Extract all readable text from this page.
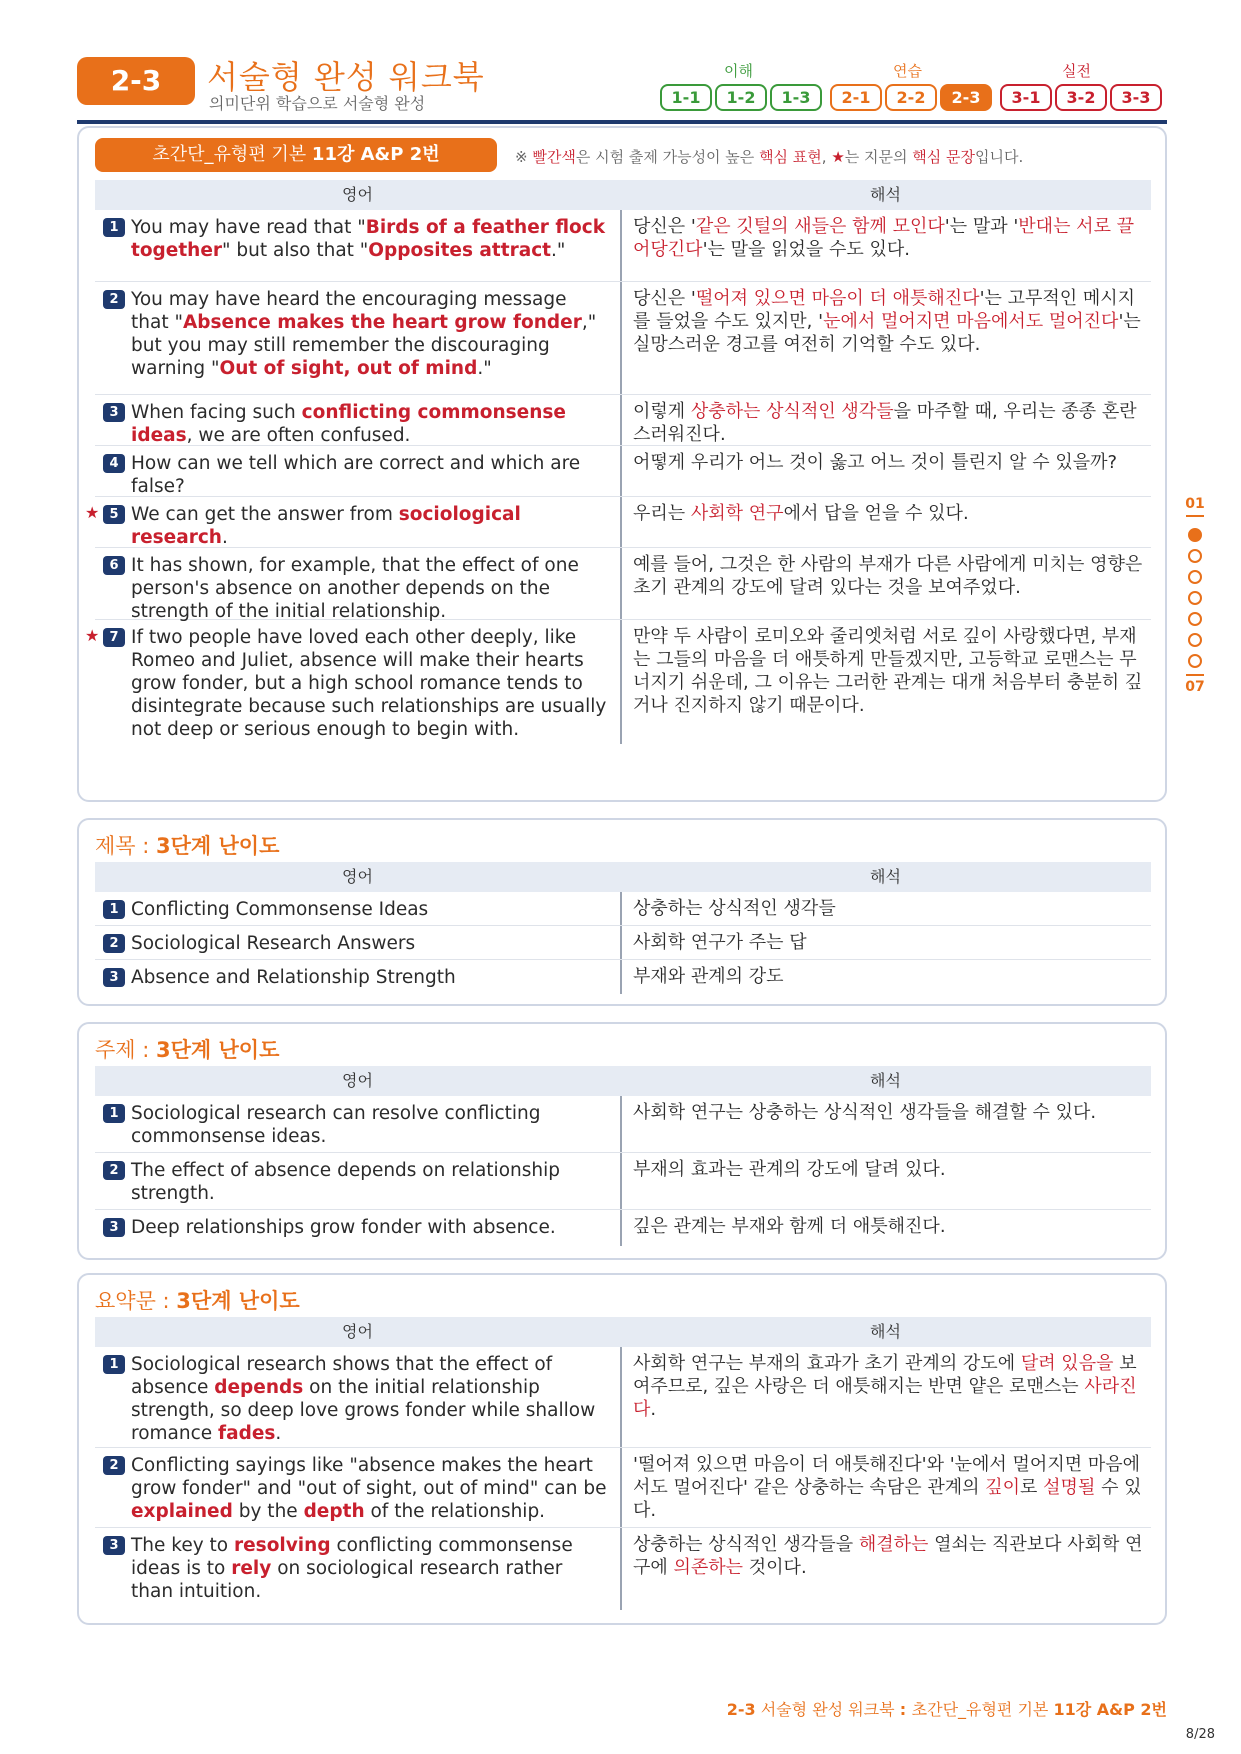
2-3	서술형 완성 워크북
의미단위 학습으로 서술형 완성
이해	연습	실전
1-1	1-2	1-3	2-1	2-2	2-3	3-1	3-2	3-3
초간단_유형편 기본 11강 A&P 2번	※ 빨간색은 시험 출제 가능성이 높은 핵심 표현, ★는 지문의 핵심 문장입니다.
영어	해석
1 You may have read that "Birds of a feather flock together" but also that "Opposites attract."
당신은 '같은 깃털의 새들은 함께 모인다'는 말과 '반대는 서로 끌어당긴다'는 말을 읽었을 수도 있다.
2 You may have heard the encouraging message that "Absence makes the heart grow fonder," but you may still remember the discouraging warning "Out of sight, out of mind."
당신은 '떨어져 있으면 마음이 더 애틋해진다'는 고무적인 메시지를 들었을 수도 있지만, '눈에서 멀어지면 마음에서도 멀어진다'는 실망스러운 경고를 여전히 기억할 수도 있다.
3 When facing such conflicting commonsense ideas, we are often confused.
이렇게 상충하는 상식적인 생각들을 마주할 때, 우리는 종종 혼란스러워진다.
4 How can we tell which are correct and which are false?
어떻게 우리가 어느 것이 옳고 어느 것이 틀린지 알 수 있을까?
★ 5 We can get the answer from sociological research.
우리는 사회학 연구에서 답을 얻을 수 있다.
6 It has shown, for example, that the effect of one person's absence on another depends on the strength of the initial relationship.
예를 들어, 그것은 한 사람의 부재가 다른 사람에게 미치는 영향은 초기 관계의 강도에 달려 있다는 것을 보여주었다.
★ 7 If two people have loved each other deeply, like Romeo and Juliet, absence will make their hearts grow fonder, but a high school romance tends to disintegrate because such relationships are usually not deep or serious enough to begin with.
만약 두 사람이 로미오와 줄리엣처럼 서로 깊이 사랑했다면, 부재는 그들의 마음을 더 애틋하게 만들겠지만, 고등학교 로맨스는 무너지기 쉬운데, 그 이유는 그러한 관계는 대개 처음부터 충분히 깊거나 진지하지 않기 때문이다.
제목 : 3단계 난이도
영어	해석
1 Conflicting Commonsense Ideas	상충하는 상식적인 생각들
2 Sociological Research Answers	사회학 연구가 주는 답
3 Absence and Relationship Strength	부재와 관계의 강도
주제 : 3단계 난이도
영어	해석
1 Sociological research can resolve conflicting commonsense ideas.
사회학 연구는 상충하는 상식적인 생각들을 해결할 수 있다.
2 The effect of absence depends on relationship strength.
부재의 효과는 관계의 강도에 달려 있다.
3 Deep relationships grow fonder with absence.	깊은 관계는 부재와 함께 더 애틋해진다.
요약문 : 3단계 난이도
영어	해석
1 Sociological research shows that the effect of absence depends on the initial relationship strength, so deep love grows fonder while shallow romance fades.
사회학 연구는 부재의 효과가 초기 관계의 강도에 달려 있음을 보여주므로, 깊은 사랑은 더 애틋해지는 반면 얕은 로맨스는 사라진다.
2 Conflicting sayings like "absence makes the heart grow fonder" and "out of sight, out of mind" can be explained by the depth of the relationship.
'떨어져 있으면 마음이 더 애틋해진다'와 '눈에서 멀어지면 마음에서도 멀어진다' 같은 상충하는 속담은 관계의 깊이로 설명될 수 있다.
3 The key to resolving conflicting commonsense ideas is to rely on sociological research rather than intuition.
상충하는 상식적인 생각들을 해결하는 열쇠는 직관보다 사회학 연구에 의존하는 것이다.
01
07
2-3 서술형 완성 워크북 : 초간단_유형편 기본 11강 A&P 2번
8/28
